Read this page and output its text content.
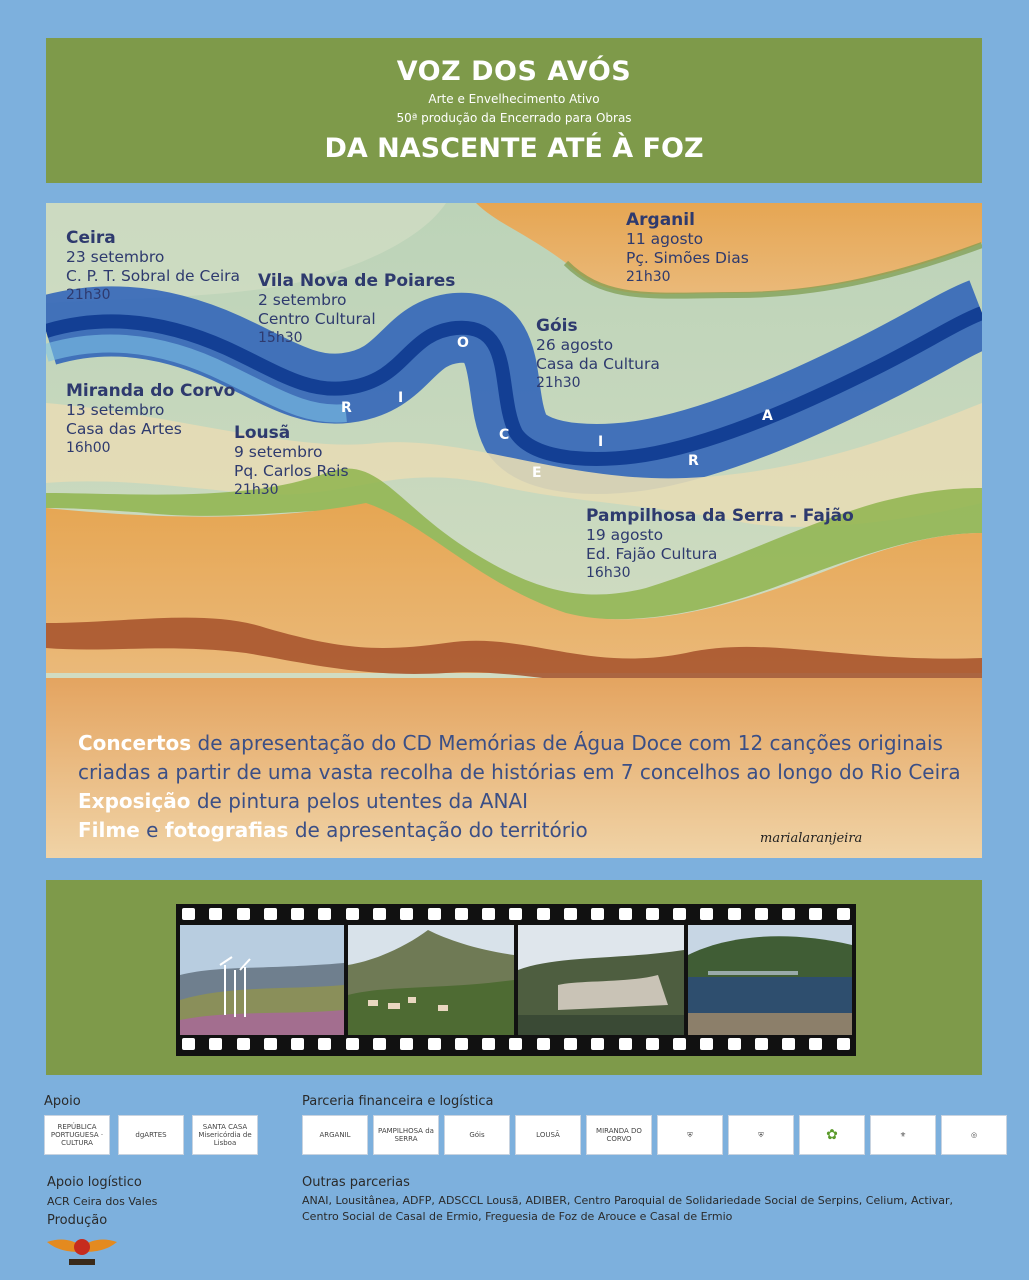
VOZ DOS AVÓS
Arte e Envelhecimento Ativo
50ª produção da Encerrado para Obras
DA NASCENTE ATÉ À FOZ
Ceira
23 setembro
C. P. T. Sobral de Ceira
21h30
Vila Nova de Poiares
2 setembro
Centro Cultural
15h30
Arganil
11 agosto
Pç. Simões Dias
21h30
Góis
26 agosto
Casa da Cultura
21h30
Miranda do Corvo
13 setembro
Casa das Artes
16h00
Lousã
9 setembro
Pq. Carlos Reis
21h30
Pampilhosa da Serra - Fajão
19 agosto
Ed. Fajão Cultura
16h30
R
I
O
C
E
I
R
A
Concertos de apresentação do CD Memórias de Água Doce com 12 canções originais
criadas a partir de uma vasta recolha de histórias em 7 concelhos ao longo do Rio Ceira
Exposição de pintura pelos utentes da ANAI
Filme e fotografias de apresentação do território	marialaranjeira
Apoio
REPÚBLICA PORTUGUESA · CULTURA
dgARTES
SANTA CASA Misericórdia de Lisboa
Parceria financeira e logística
ARGANIL	PAMPILHOSA da SERRA	Góis	LOUSÃ	MIRANDA DO CORVO	⛨	⛨	✿	⚜	◎
Apoio logístico
ACR Ceira dos Vales
Produção
Outras parcerias
ANAI, Lousitânea, ADFP, ADSCCL Lousã, ADIBER, Centro Paroquial de Solidariedade Social de Serpins, Celium, Activar, Centro Social de Casal de Ermio, Freguesia de Foz de Arouce e Casal de Ermio
